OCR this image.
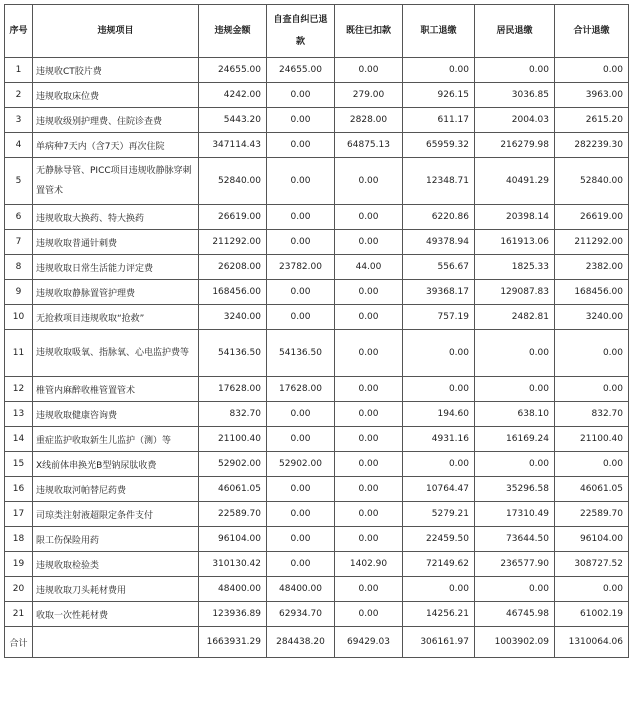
序号	违规项目	违规金额	自查自纠已退款	既往已扣款	职工退缴	居民退缴	合计退缴
1	违规收CT胶片费	24655.00	24655.00	0.00	0.00	0.00	0.00
2	违规收取床位费	4242.00	0.00	279.00	926.15	3036.85	3963.00
3	违规收级别护理费、住院诊查费	5443.20	0.00	2828.00	611.17	2004.03	2615.20
4	单病种7天内（含7天）再次住院	347114.43	0.00	64875.13	65959.32	216279.98	282239.30
5	无静脉导管、PICC项目违规收静脉穿刺置管术	52840.00	0.00	0.00	12348.71	40491.29	52840.00
6	违规收取大换药、特大换药	26619.00	0.00	0.00	6220.86	20398.14	26619.00
7	违规收取普通针刺费	211292.00	0.00	0.00	49378.94	161913.06	211292.00
8	违规收取日常生活能力评定费	26208.00	23782.00	44.00	556.67	1825.33	2382.00
9	违规收取静脉置管护理费	168456.00	0.00	0.00	39368.17	129087.83	168456.00
10	无抢救项目违规收取“抢救”	3240.00	0.00	0.00	757.19	2482.81	3240.00
11	违规收取吸氧、指脉氧、心电监护费等	54136.50	54136.50	0.00	0.00	0.00	0.00
12	椎管内麻醉收椎管置管术	17628.00	17628.00	0.00	0.00	0.00	0.00
13	违规收取健康咨询费	832.70	0.00	0.00	194.60	638.10	832.70
14	重症监护收取新生儿监护（测）等	21100.40	0.00	0.00	4931.16	16169.24	21100.40
15	X线前体串换光B型钠尿肽收费	52902.00	52902.00	0.00	0.00	0.00	0.00
16	违规收取河帕替尼药费	46061.05	0.00	0.00	10764.47	35296.58	46061.05
17	司琼类注射液超限定条件支付	22589.70	0.00	0.00	5279.21	17310.49	22589.70
18	限工伤保险用药	96104.00	0.00	0.00	22459.50	73644.50	96104.00
19	违规收取检验类	310130.42	0.00	1402.90	72149.62	236577.90	308727.52
20	违规收取刀头耗材费用	48400.00	48400.00	0.00	0.00	0.00	0.00
21	收取一次性耗材费	123936.89	62934.70	0.00	14256.21	46745.98	61002.19
合计		1663931.29	284438.20	69429.03	306161.97	1003902.09	1310064.06
